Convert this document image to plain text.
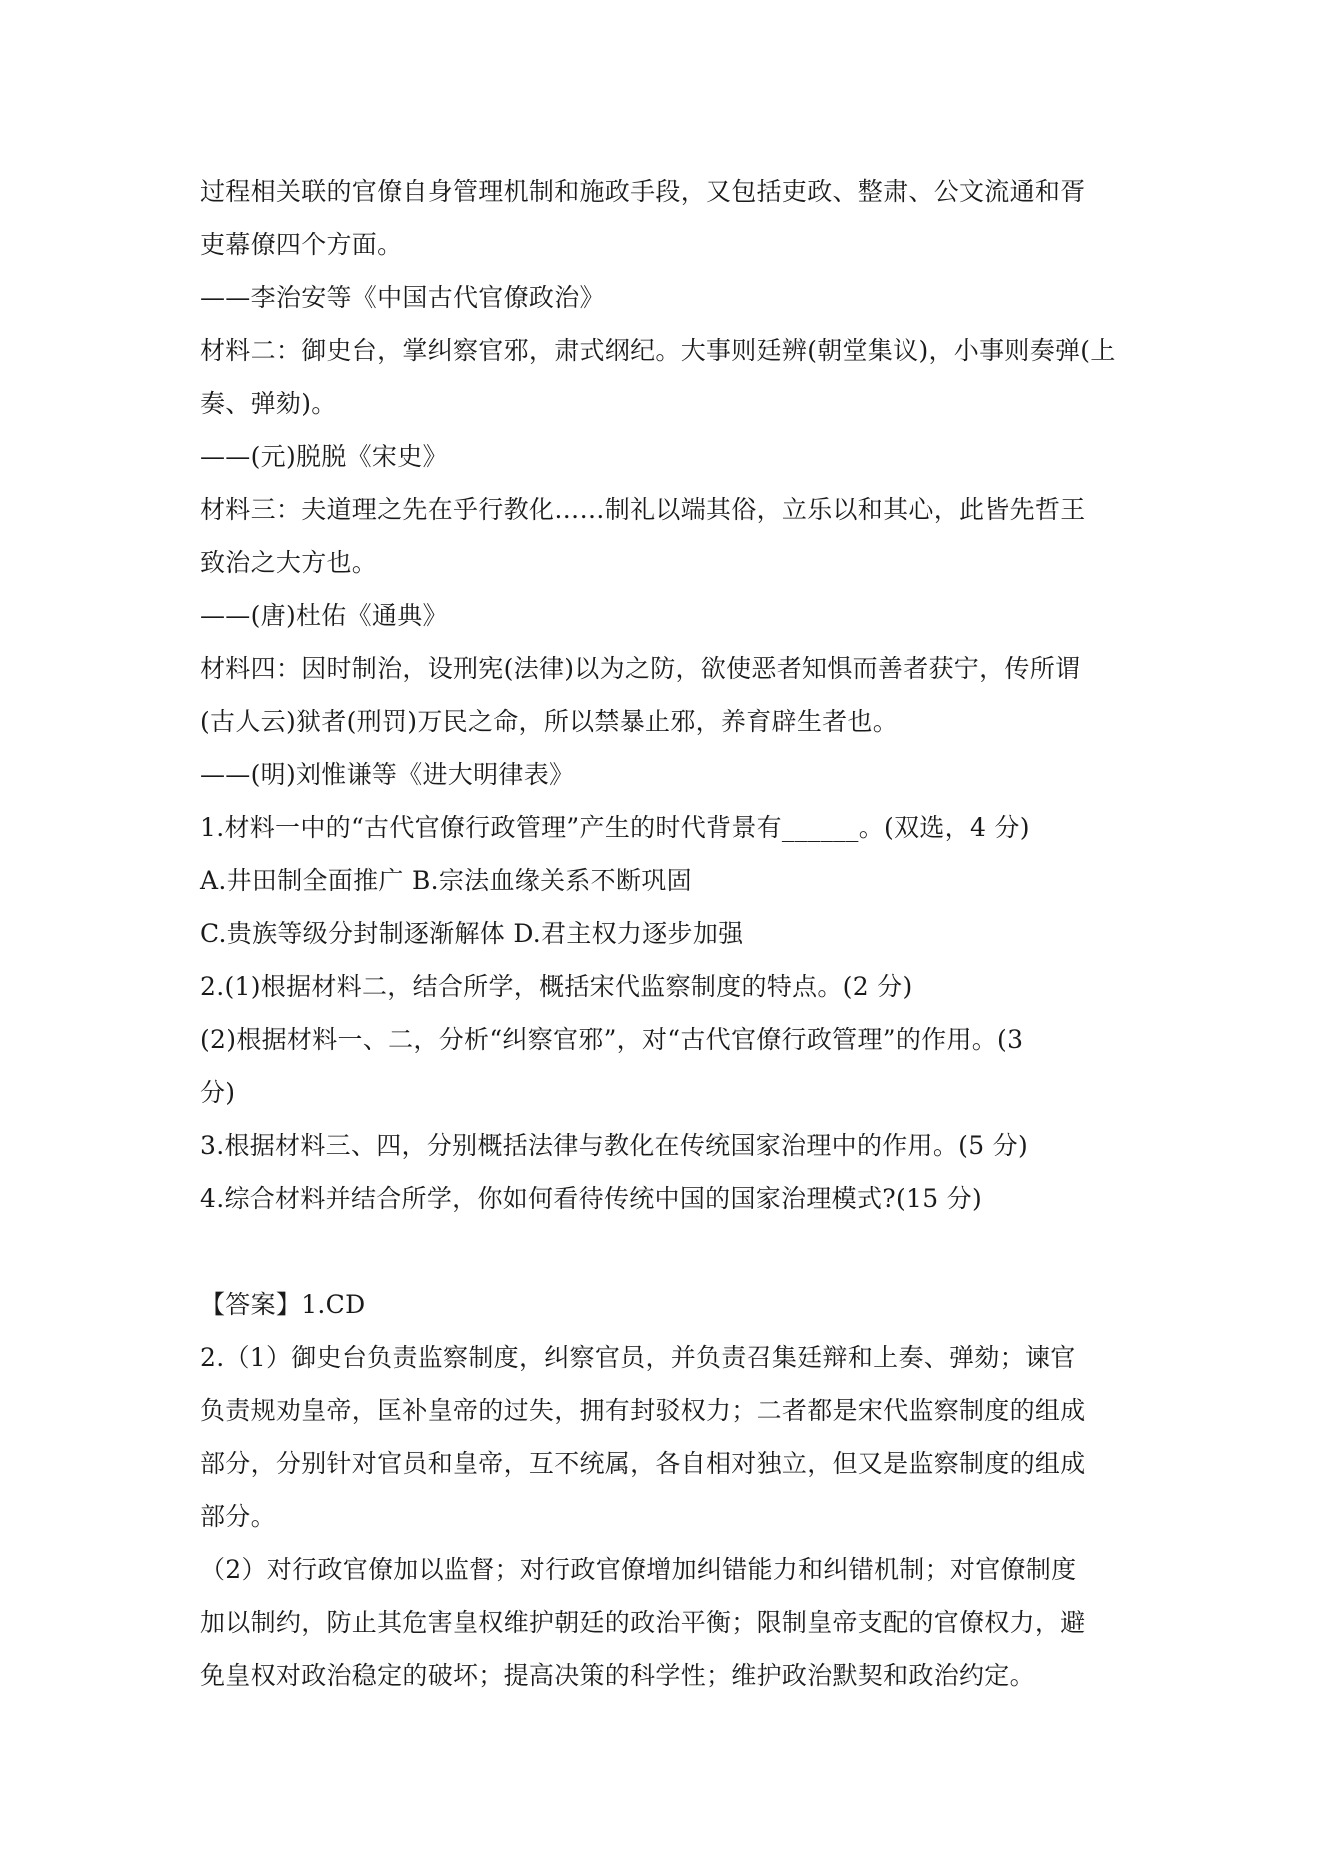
过程相关联的官僚自身管理机制和施政手段，又包括吏政、整肃、公文流通和胥
吏幕僚四个方面。
——李治安等《中国古代官僚政治》
材料二：御史台，掌纠察官邪，肃式纲纪。大事则廷辨(朝堂集议)，小事则奏弹(上
奏、弹劾)。
——(元)脱脱《宋史》
材料三：夫道理之先在乎行教化……制礼以端其俗，立乐以和其心，此皆先哲王
致治之大方也。
——(唐)杜佑《通典》
材料四：因时制治，设刑宪(法律)以为之防，欲使恶者知惧而善者获宁，传所谓
(古人云)狱者(刑罚)万民之命，所以禁暴止邪，养育辟生者也。
——(明)刘惟谦等《进大明律表》
1.材料一中的“古代官僚行政管理”产生的时代背景有______。(双选，4 分)
A.井田制全面推广 B.宗法血缘关系不断巩固
C.贵族等级分封制逐渐解体 D.君主权力逐步加强
2.(1)根据材料二，结合所学，概括宋代监察制度的特点。(2 分)
(2)根据材料一、二，分析“纠察官邪”，对“古代官僚行政管理”的作用。(3
分)
3.根据材料三、四，分别概括法律与教化在传统国家治理中的作用。(5 分)
4.综合材料并结合所学，你如何看待传统中国的国家治理模式?(15 分)
【答案】1.CD
2.（1）御史台负责监察制度，纠察官员，并负责召集廷辩和上奏、弹劾；谏官
负责规劝皇帝，匡补皇帝的过失，拥有封驳权力；二者都是宋代监察制度的组成
部分，分别针对官员和皇帝，互不统属，各自相对独立，但又是监察制度的组成
部分。
（2）对行政官僚加以监督；对行政官僚增加纠错能力和纠错机制；对官僚制度
加以制约，防止其危害皇权维护朝廷的政治平衡；限制皇帝支配的官僚权力，避
免皇权对政治稳定的破坏；提高决策的科学性；维护政治默契和政治约定。
